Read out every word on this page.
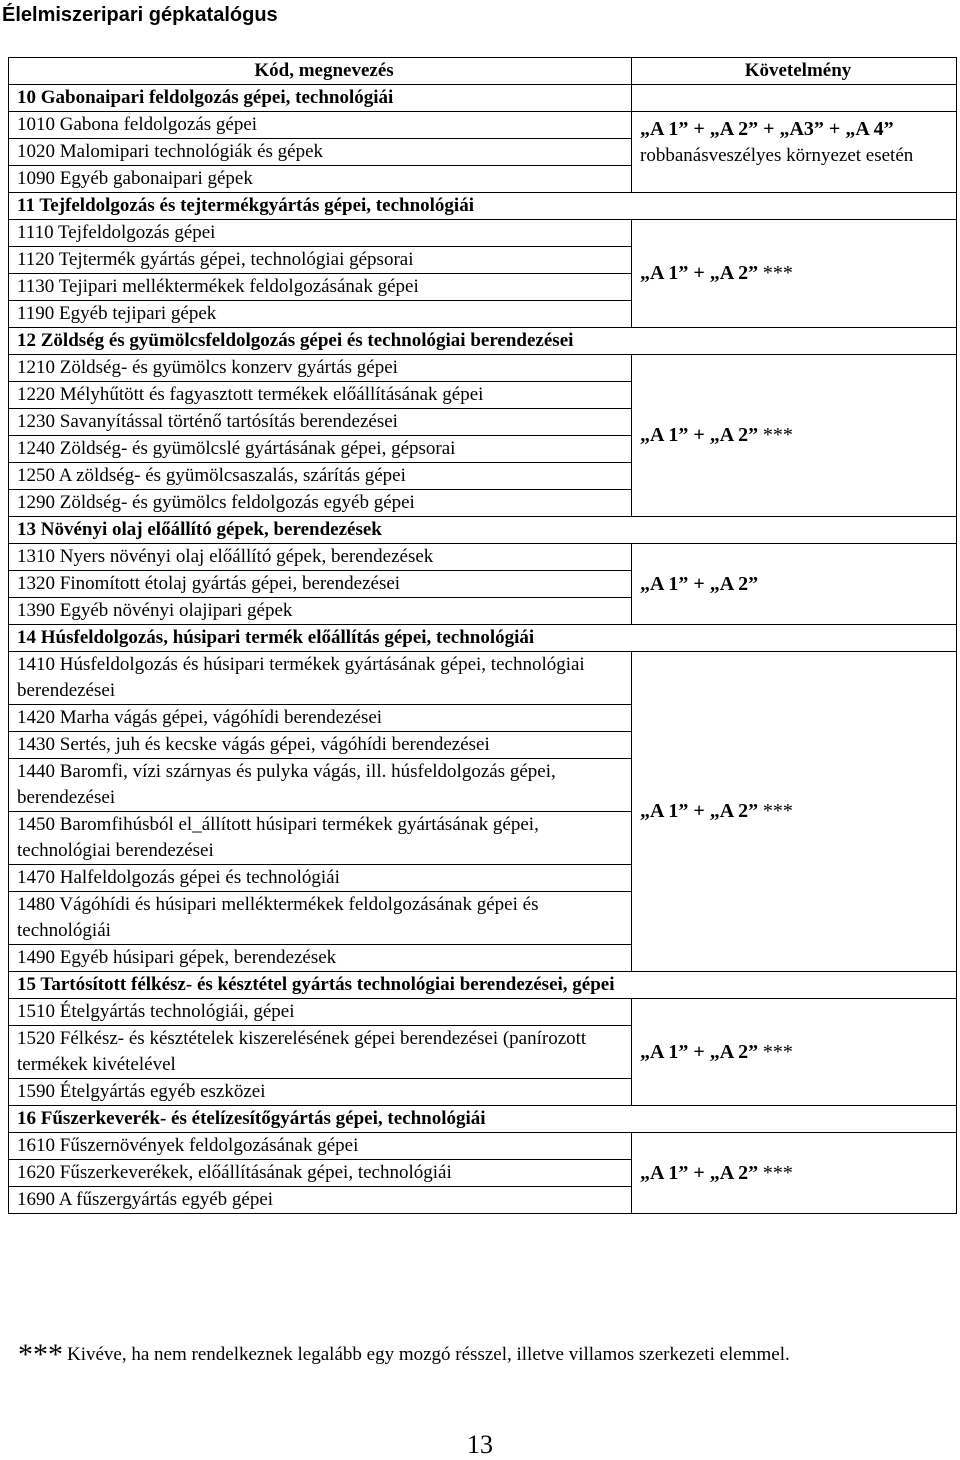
Élelmiszeripari gépkatalógus
Kód, megnevezés	Követelmény
10 Gabonaipari feldolgozás gépei, technológiái	
1010 Gabona feldolgozás gépei	„A 1” + „A 2” + „A3” + „A 4”
robbanásveszélyes környezet esetén

1020 Malomipari technológiák és gépek	
1090 Egyéb gabonaipari gépek	
11 Tejfeldolgozás és tejtermékgyártás gépei, technológiái	
1110 Tejfeldolgozás gépei	„A 1” + „A 2” ***
1120 Tejtermék gyártás gépei, technológiai gépsorai	
1130 Tejipari melléktermékek feldolgozásának gépei	
1190 Egyéb tejipari gépek	
12 Zöldség és gyümölcsfeldolgozás gépei és technológiai berendezései	
1210 Zöldség- és gyümölcs konzerv gyártás gépei	„A 1” + „A 2” ***
1220 Mélyhűtött és fagyasztott termékek előállításának gépei	
1230 Savanyítással történő tartósítás berendezései	
1240 Zöldség- és gyümölcslé gyártásának gépei, gépsorai	
1250 A zöldség- és gyümölcsaszalás, szárítás gépei	
1290 Zöldség- és gyümölcs feldolgozás egyéb gépei	
13 Növényi olaj előállító gépek, berendezések	
1310 Nyers növényi olaj előállító gépek, berendezések	„A 1” + „A 2”
1320 Finomított étolaj gyártás gépei, berendezései	
1390 Egyéb növényi olajipari gépek	
14 Húsfeldolgozás, húsipari termék előállítás gépei, technológiái	
1410 Húsfeldolgozás és húsipari termékek gyártásának gépei, technológiai berendezései	„A 1” + „A 2” ***
1420 Marha vágás gépei, vágóhídi berendezései	
1430 Sertés, juh és kecske vágás gépei, vágóhídi berendezései	
1440 Baromfi, vízi szárnyas és pulyka vágás, ill. húsfeldolgozás gépei, berendezései	
1450 Baromfihúsból el_állított húsipari termékek gyártásának gépei, technológiai berendezései	
1470 Halfeldolgozás gépei és technológiái	
1480 Vágóhídi és húsipari melléktermékek feldolgozásának gépei és technológiái	
1490 Egyéb húsipari gépek, berendezések	
15 Tartósított félkész- és késztétel gyártás technológiai berendezései, gépei	
1510 Ételgyártás technológiái, gépei	„A 1” + „A 2” ***
1520 Félkész- és késztételek kiszerelésének gépei berendezései (panírozott termékek kivételével	
1590 Ételgyártás egyéb eszközei	
16 Fűszerkeverék- és ételízesítőgyártás gépei, technológiái	
1610 Fűszernövények feldolgozásának gépei	„A 1” + „A 2” ***
1620 Fűszerkeverékek, előállításának gépei, technológiái	
1690 A fűszergyártás egyéb gépei	
*** Kivéve, ha nem rendelkeznek legalább egy mozgó résszel, illetve villamos szerkezeti elemmel.
13
